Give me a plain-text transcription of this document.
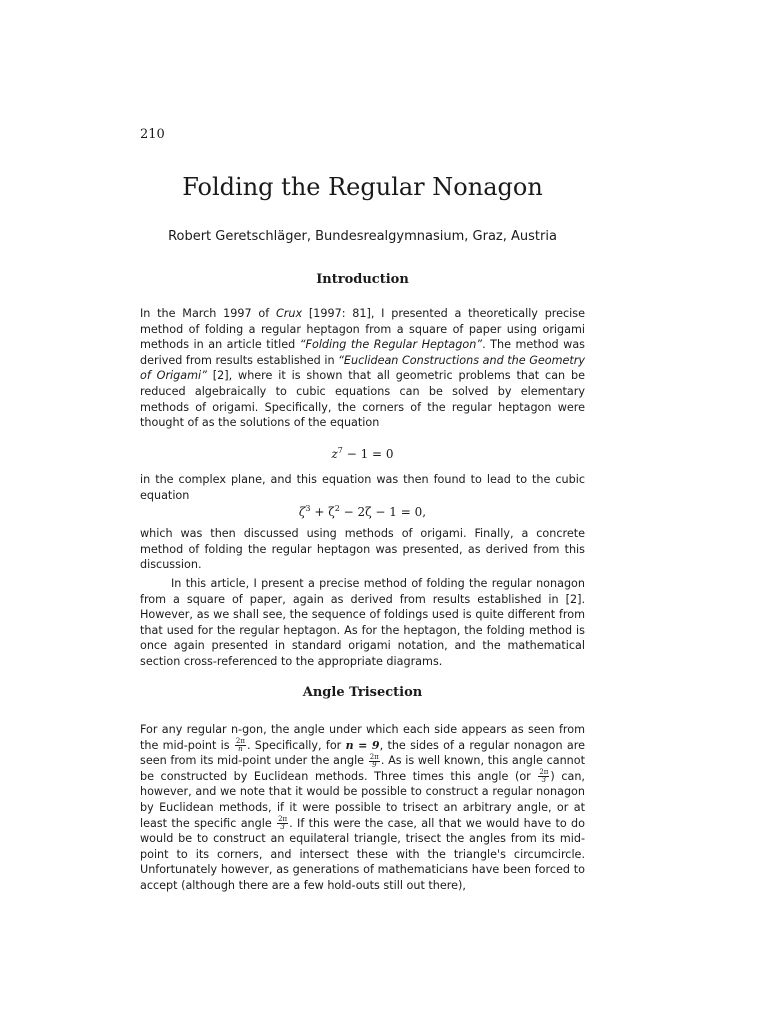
210
Folding the Regular Nonagon
Robert Geretschläger, Bundesrealgymnasium, Graz, Austria
Introduction

In the March 1997 of Crux [1997: 81], I presented a theoretically precise method of folding a regular heptagon from a square of paper using origami methods in an article titled “Folding the Regular Heptagon”. The method was derived from results established in “Euclidean Constructions and the Geometry of Origami” [2], where it is shown that all geometric problems that can be reduced algebraically to cubic equations can be solved by elementary methods of origami. Specifically, the corners of the regular heptagon were thought of as the solutions of the equation

$z^7 - 1 = 0$

in the complex plane, and this equation was then found to lead to the cubic equation

$\zeta^3 + \zeta^2 - 2\zeta - 1 = 0$,

which was then discussed using methods of origami. Finally, a concrete method of folding the regular heptagon was presented, as derived from this discussion.

In this article, I present a precise method of folding the regular nonagon from a square of paper, again as derived from results established in [2]. However, as we shall see, the sequence of foldings used is quite different from that used for the regular heptagon. As for the heptagon, the folding method is once again presented in standard origami notation, and the mathematical section cross-referenced to the appropriate diagrams.

Angle Trisection

For any regular n-gon, the angle under which each side appears as seen from the mid-point is $\frac{2\pi}{n}$ . Specifically, for n = 9, the sides of a regular nonagon are seen from its mid-point under the angle $\frac{2\pi}{9}$ . As is well known, this angle cannot be constructed by Euclidean methods. Three times this angle ($or \frac{2\pi}{3}$ ) can, however, and we note that it would be possible to construct a regular nonagon by Euclidean methods, if it were possible to trisect an arbitrary angle, or at least the specific angle $\frac{2\pi}{3}$ . If this were the case, all that we would have to do would be to construct an equilateral triangle, trisect the angles from its mid-point to its corners, and intersect these with the triangle's circumcircle. Unfortunately however, as generations of mathematicians have been forced to accept (although there are a few hold-outs still out there),
